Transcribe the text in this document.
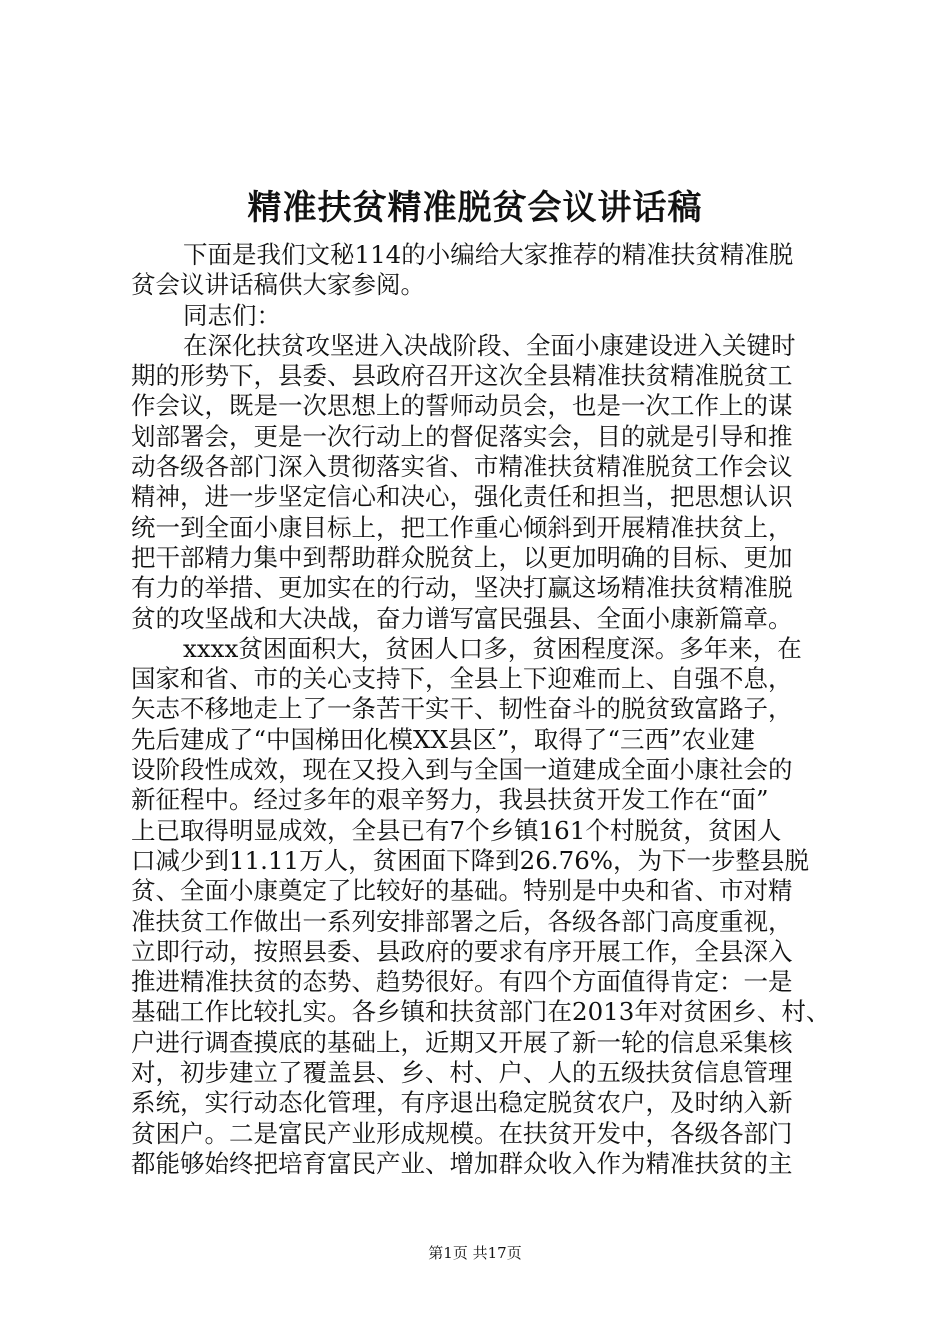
精准扶贫精准脱贫会议讲话稿
下面是我们文秘114的小编给大家推荐的精准扶贫精准脱
贫会议讲话稿供大家参阅。
同志们：
在深化扶贫攻坚进入决战阶段、全面小康建设进入关键时
期的形势下，县委、县政府召开这次全县精准扶贫精准脱贫工
作会议，既是一次思想上的誓师动员会，也是一次工作上的谋
划部署会，更是一次行动上的督促落实会，目的就是引导和推
动各级各部门深入贯彻落实省、市精准扶贫精准脱贫工作会议
精神，进一步坚定信心和决心，强化责任和担当，把思想认识
统一到全面小康目标上，把工作重心倾斜到开展精准扶贫上，
把干部精力集中到帮助群众脱贫上，以更加明确的目标、更加
有力的举措、更加实在的行动，坚决打赢这场精准扶贫精准脱
贫的攻坚战和大决战，奋力谱写富民强县、全面小康新篇章。
xxxx贫困面积大，贫困人口多，贫困程度深。多年来，在
国家和省、市的关心支持下，全县上下迎难而上、自强不息，
矢志不移地走上了一条苦干实干、韧性奋斗的脱贫致富路子，
先后建成了“中国梯田化模XX县区”，取得了“三西”农业建
设阶段性成效，现在又投入到与全国一道建成全面小康社会的
新征程中。经过多年的艰辛努力，我县扶贫开发工作在“面”
上已取得明显成效，全县已有7个乡镇161个村脱贫，贫困人
口减少到11.11万人，贫困面下降到26.76%，为下一步整县脱
贫、全面小康奠定了比较好的基础。特别是中央和省、市对精
准扶贫工作做出一系列安排部署之后，各级各部门高度重视，
立即行动，按照县委、县政府的要求有序开展工作，全县深入
推进精准扶贫的态势、趋势很好。有四个方面值得肯定：一是
基础工作比较扎实。各乡镇和扶贫部门在2013年对贫困乡、村、
户进行调查摸底的基础上，近期又开展了新一轮的信息采集核
对，初步建立了覆盖县、乡、村、户、人的五级扶贫信息管理
系统，实行动态化管理，有序退出稳定脱贫农户，及时纳入新
贫困户。二是富民产业形成规模。在扶贫开发中，各级各部门
都能够始终把培育富民产业、增加群众收入作为精准扶贫的主
第1页 共17页
